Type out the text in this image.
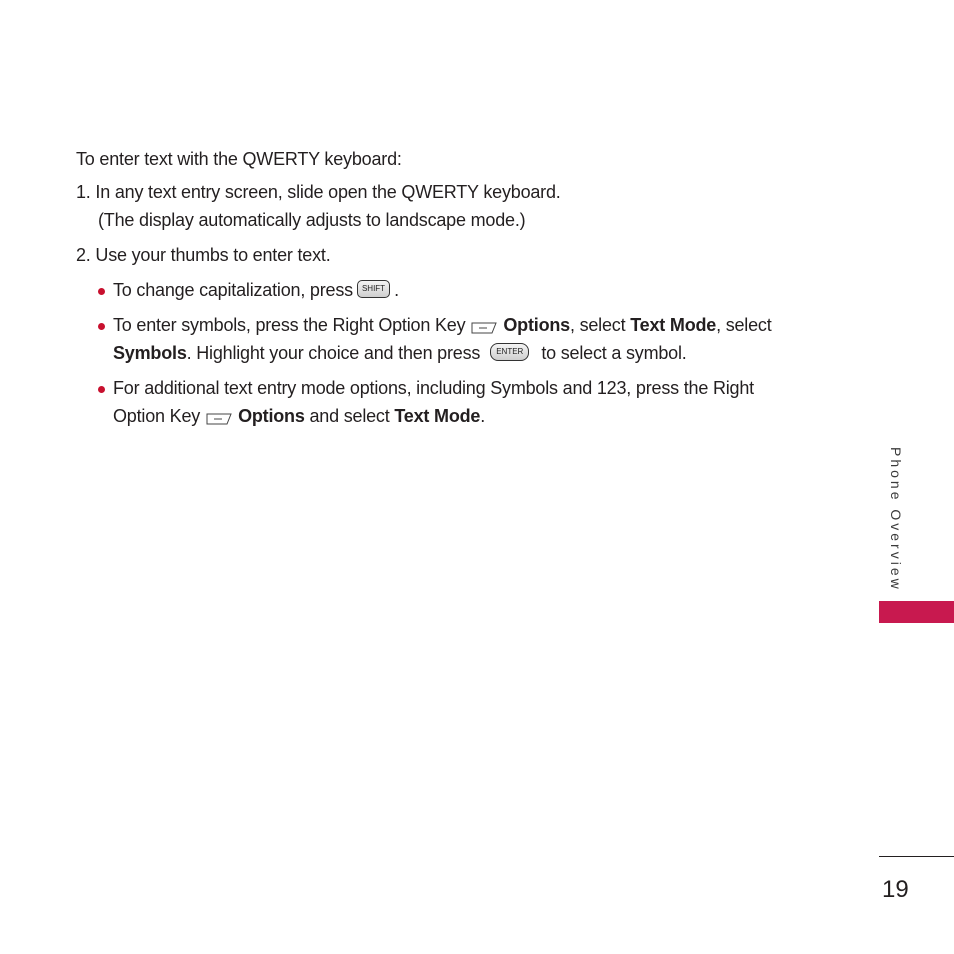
To enter text with the QWERTY keyboard:
1. In any text entry screen, slide open the QWERTY keyboard.
(The display automatically adjusts to landscape mode.)
2. Use your thumbs to enter text.
To change capitalization, press SHIFT .
To enter symbols, press the Right Option Key Options, select Text Mode, select
Symbols. Highlight your choice and then press ENTER to select a symbol.
For additional text entry mode options, including Symbols and 123, press the Right
Option Key Options and select Text Mode.
Phone Overview
19
